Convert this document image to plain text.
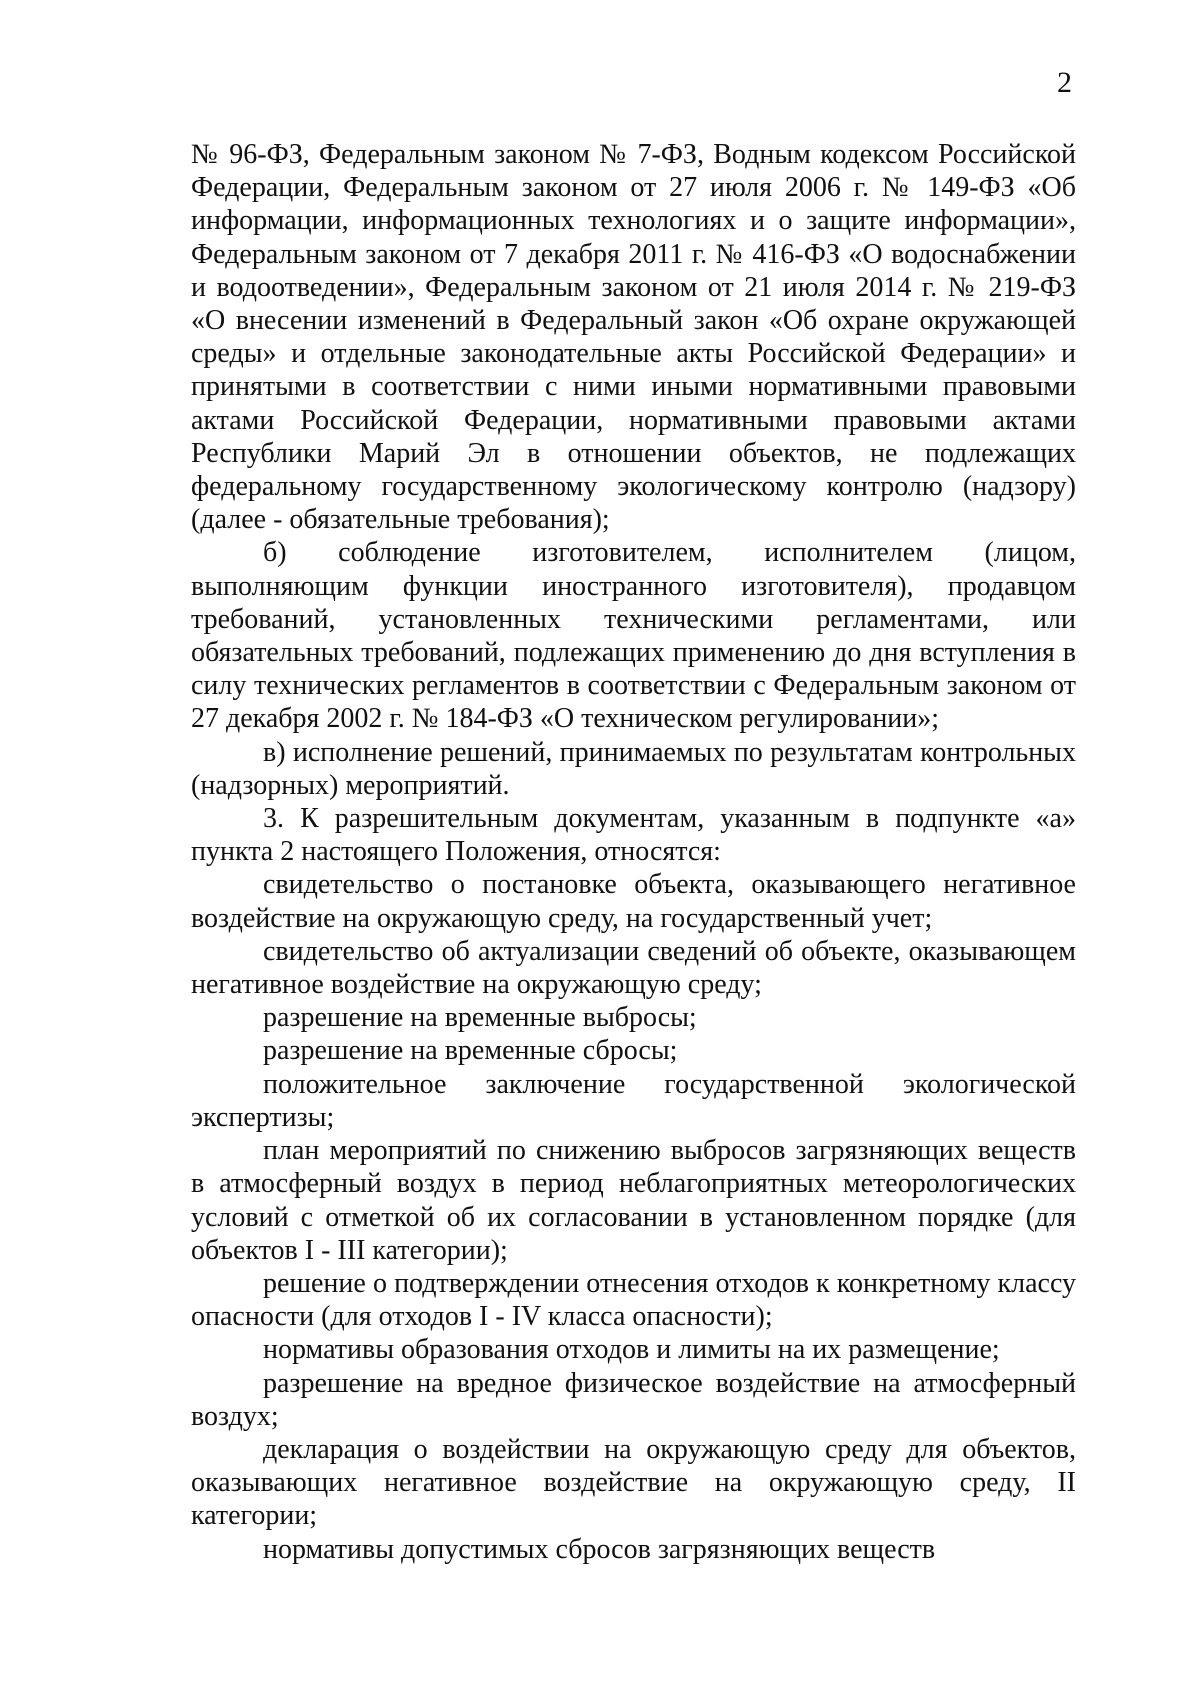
2

№ 96-ФЗ, Федеральным законом № 7-ФЗ, Водным кодексом Российской Федерации, Федеральным законом от 27 июля 2006 г. № 149-ФЗ «Об информации, информационных технологиях и о защите информации», Федеральным законом от 7 декабря 2011 г. № 416-ФЗ «О водоснабжении и водоотведении», Федеральным законом от 21 июля 2014 г. № 219-ФЗ «О внесении изменений в Федеральный закон «Об охране окружающей среды» и отдельные законодательные акты Российской Федерации» и принятыми в соответствии с ними иными нормативными правовыми актами Российской Федерации, нормативными правовыми актами Республики Марий Эл в отношении объектов, не подлежащих федеральному государственному экологическому контролю (надзору) (далее - обязательные требования);

б) соблюдение изготовителем, исполнителем (лицом, выполняющим функции иностранного изготовителя), продавцом требований, установленных техническими регламентами, или обязательных требований, подлежащих применению до дня вступления в силу технических регламентов в соответствии с Федеральным законом от 27 декабря 2002 г. № 184-ФЗ «О техническом регулировании»;

в) исполнение решений, принимаемых по результатам контрольных (надзорных) мероприятий.

3. К разрешительным документам, указанным в подпункте «а» пункта 2 настоящего Положения, относятся:

свидетельство о постановке объекта, оказывающего негативное воздействие на окружающую среду, на государственный учет;

свидетельство об актуализации сведений об объекте, оказывающем негативное воздействие на окружающую среду;

разрешение на временные выбросы;

разрешение на временные сбросы;

положительное заключение государственной экологической экспертизы;

план мероприятий по снижению выбросов загрязняющих веществ в атмосферный воздух в период неблагоприятных метеорологических условий с отметкой об их согласовании в установленном порядке (для объектов I - III категории);

решение о подтверждении отнесения отходов к конкретному классу опасности (для отходов I - IV класса опасности);

нормативы образования отходов и лимиты на их размещение;

разрешение на вредное физическое воздействие на атмосферный воздух;

декларация о воздействии на окружающую среду для объектов, оказывающих негативное воздействие на окружающую среду, II категории;

нормативы допустимых сбросов загрязняющих веществ
